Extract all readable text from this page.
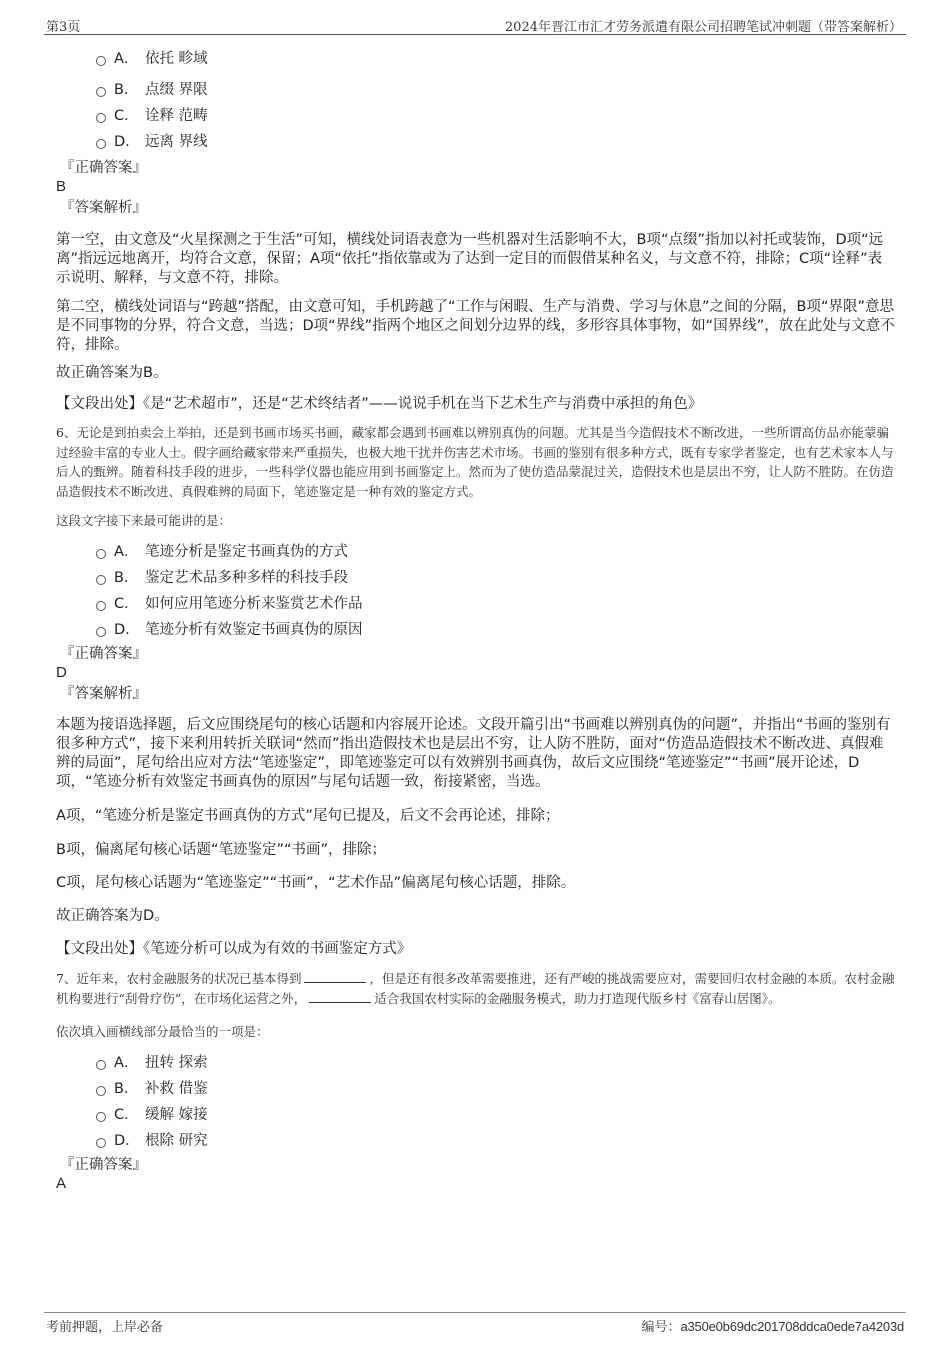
第3页	2024年晋江市汇才劳务派遣有限公司招聘笔试冲刺题（带答案解析）
A． 依托 畛域
B． 点缀 界限
C． 诠释 范畴
D． 远离 界线
『正确答案』
B
『答案解析』

第一空，由文意及“火星探测之于生活”可知，横线处词语表意为一些机器对生活影响不大，B项“点缀”指加以衬托或装饰，D项“远离”指远远地离开，均符合文意，保留；A项“依托”指依靠或为了达到一定目的而假借某种名义，与文意不符，排除；C项“诠释”表示说明、解释，与文意不符，排除。

第二空，横线处词语与“跨越”搭配，由文意可知，手机跨越了“工作与闲暇、生产与消费、学习与休息”之间的分隔，B项“界限”意思是不同事物的分界，符合文意，当选；D项“界线”指两个地区之间划分边界的线，多形容具体事物，如“国界线”，放在此处与文意不符，排除。

故正确答案为B。

【文段出处】《是“艺术超市”，还是“艺术终结者”——说说手机在当下艺术生产与消费中承担的角色》

6、无论是到拍卖会上举拍，还是到书画市场买书画，藏家都会遇到书画难以辨别真伪的问题。尤其是当今造假技术不断改进，一些所谓高仿品亦能蒙骗过经验丰富的专业人士。假字画给藏家带来严重损失，也极大地干扰并伤害艺术市场。书画的鉴别有很多种方式，既有专家学者鉴定，也有艺术家本人与后人的甄辨。随着科技手段的进步，一些科学仪器也能应用到书画鉴定上。然而为了使仿造品蒙混过关，造假技术也是层出不穷，让人防不胜防。在仿造品造假技术不断改进、真假难辨的局面下，笔迹鉴定是一种有效的鉴定方式。

这段文字接下来最可能讲的是：

A． 笔迹分析是鉴定书画真伪的方式
B． 鉴定艺术品多种多样的科技手段
C． 如何应用笔迹分析来鉴赏艺术作品
D． 笔迹分析有效鉴定书画真伪的原因
『正确答案』
D
『答案解析』

本题为接语选择题，后文应围绕尾句的核心话题和内容展开论述。文段开篇引出“书画难以辨别真伪的问题”，并指出“书画的鉴别有很多种方式”，接下来利用转折关联词“然而”指出造假技术也是层出不穷，让人防不胜防，面对“仿造品造假技术不断改进、真假难辨的局面”，尾句给出应对方法“笔迹鉴定”，即笔迹鉴定可以有效辨别书画真伪，故后文应围绕“笔迹鉴定”“书画”展开论述，D项，“笔迹分析有效鉴定书画真伪的原因”与尾句话题一致，衔接紧密，当选。

A项，“笔迹分析是鉴定书画真伪的方式”尾句已提及，后文不会再论述，排除；

B项，偏离尾句核心话题“笔迹鉴定”“书画”，排除；

C项，尾句核心话题为“笔迹鉴定”“书画”，“艺术作品”偏离尾句核心话题，排除。

故正确答案为D。

【文段出处】《笔迹分析可以成为有效的书画鉴定方式》

7、近年来，农村金融服务的状况已基本得到	，但是还有很多改革需要推进，还有严峻的挑战需要应对，需要回归农村金融的本质。农村金融机构要进行“刮骨疗伤”，在市场化运营之外，	适合我国农村实际的金融服务模式，助力打造现代版乡村《富春山居图》。

依次填入画横线部分最恰当的一项是：

A． 扭转 探索
B． 补救 借鉴
C． 缓解 嫁接
D． 根除 研究
『正确答案』
A
考前押题，上岸必备	编号：a350e0b69dc201708ddca0ede7a4203d
